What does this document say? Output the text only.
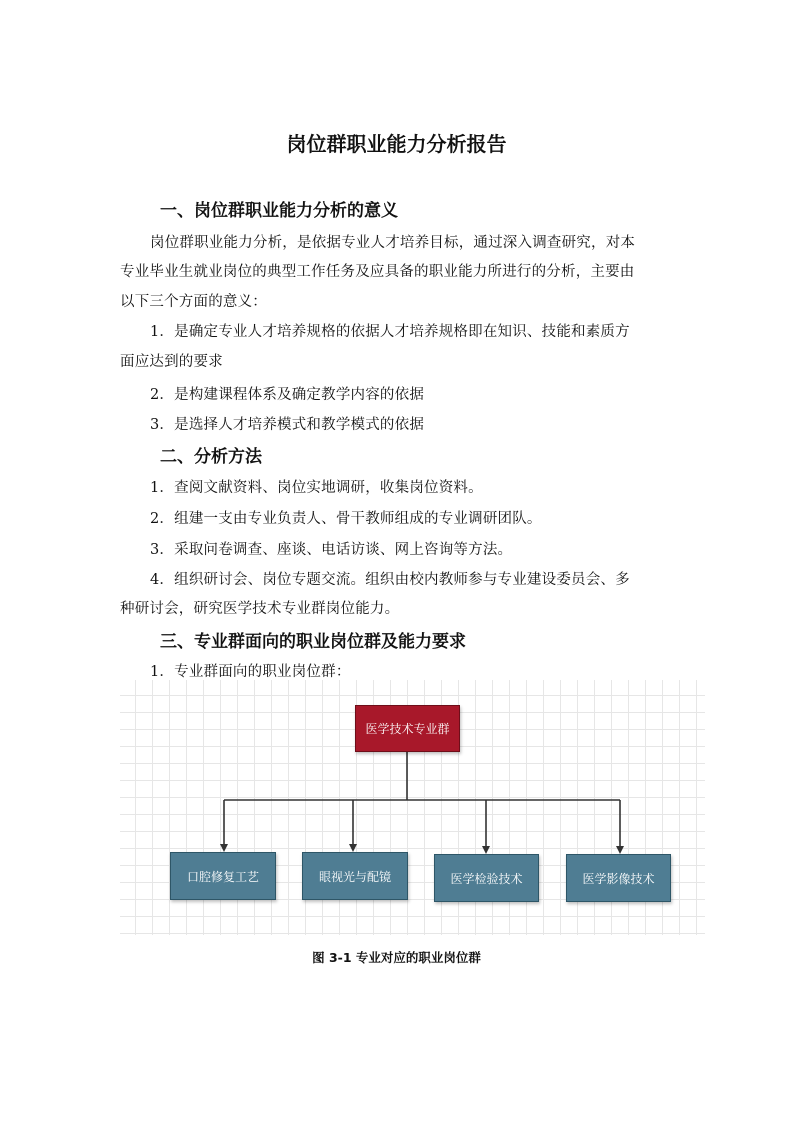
岗位群职业能力分析报告
一、岗位群职业能力分析的意义
岗位群职业能力分析，是依据专业人才培养目标，通过深入调查研究，对本
专业毕业生就业岗位的典型工作任务及应具备的职业能力所进行的分析，主要由
以下三个方面的意义：
1．是确定专业人才培养规格的依据人才培养规格即在知识、技能和素质方
面应达到的要求
2．是构建课程体系及确定教学内容的依据
3．是选择人才培养模式和教学模式的依据
二、分析方法
1．查阅文献资料、岗位实地调研，收集岗位资料。
2．组建一支由专业负责人、骨干教师组成的专业调研团队。
3．采取问卷调查、座谈、电话访谈、网上咨询等方法。
4．组织研讨会、岗位专题交流。组织由校内教师参与专业建设委员会、多
种研讨会，研究医学技术专业群岗位能力。
三、专业群面向的职业岗位群及能力要求
1．专业群面向的职业岗位群：
医学技术专业群
口腔修复工艺	眼视光与配镜	医学检验技术	医学影像技术
图 3-1 专业对应的职业岗位群
